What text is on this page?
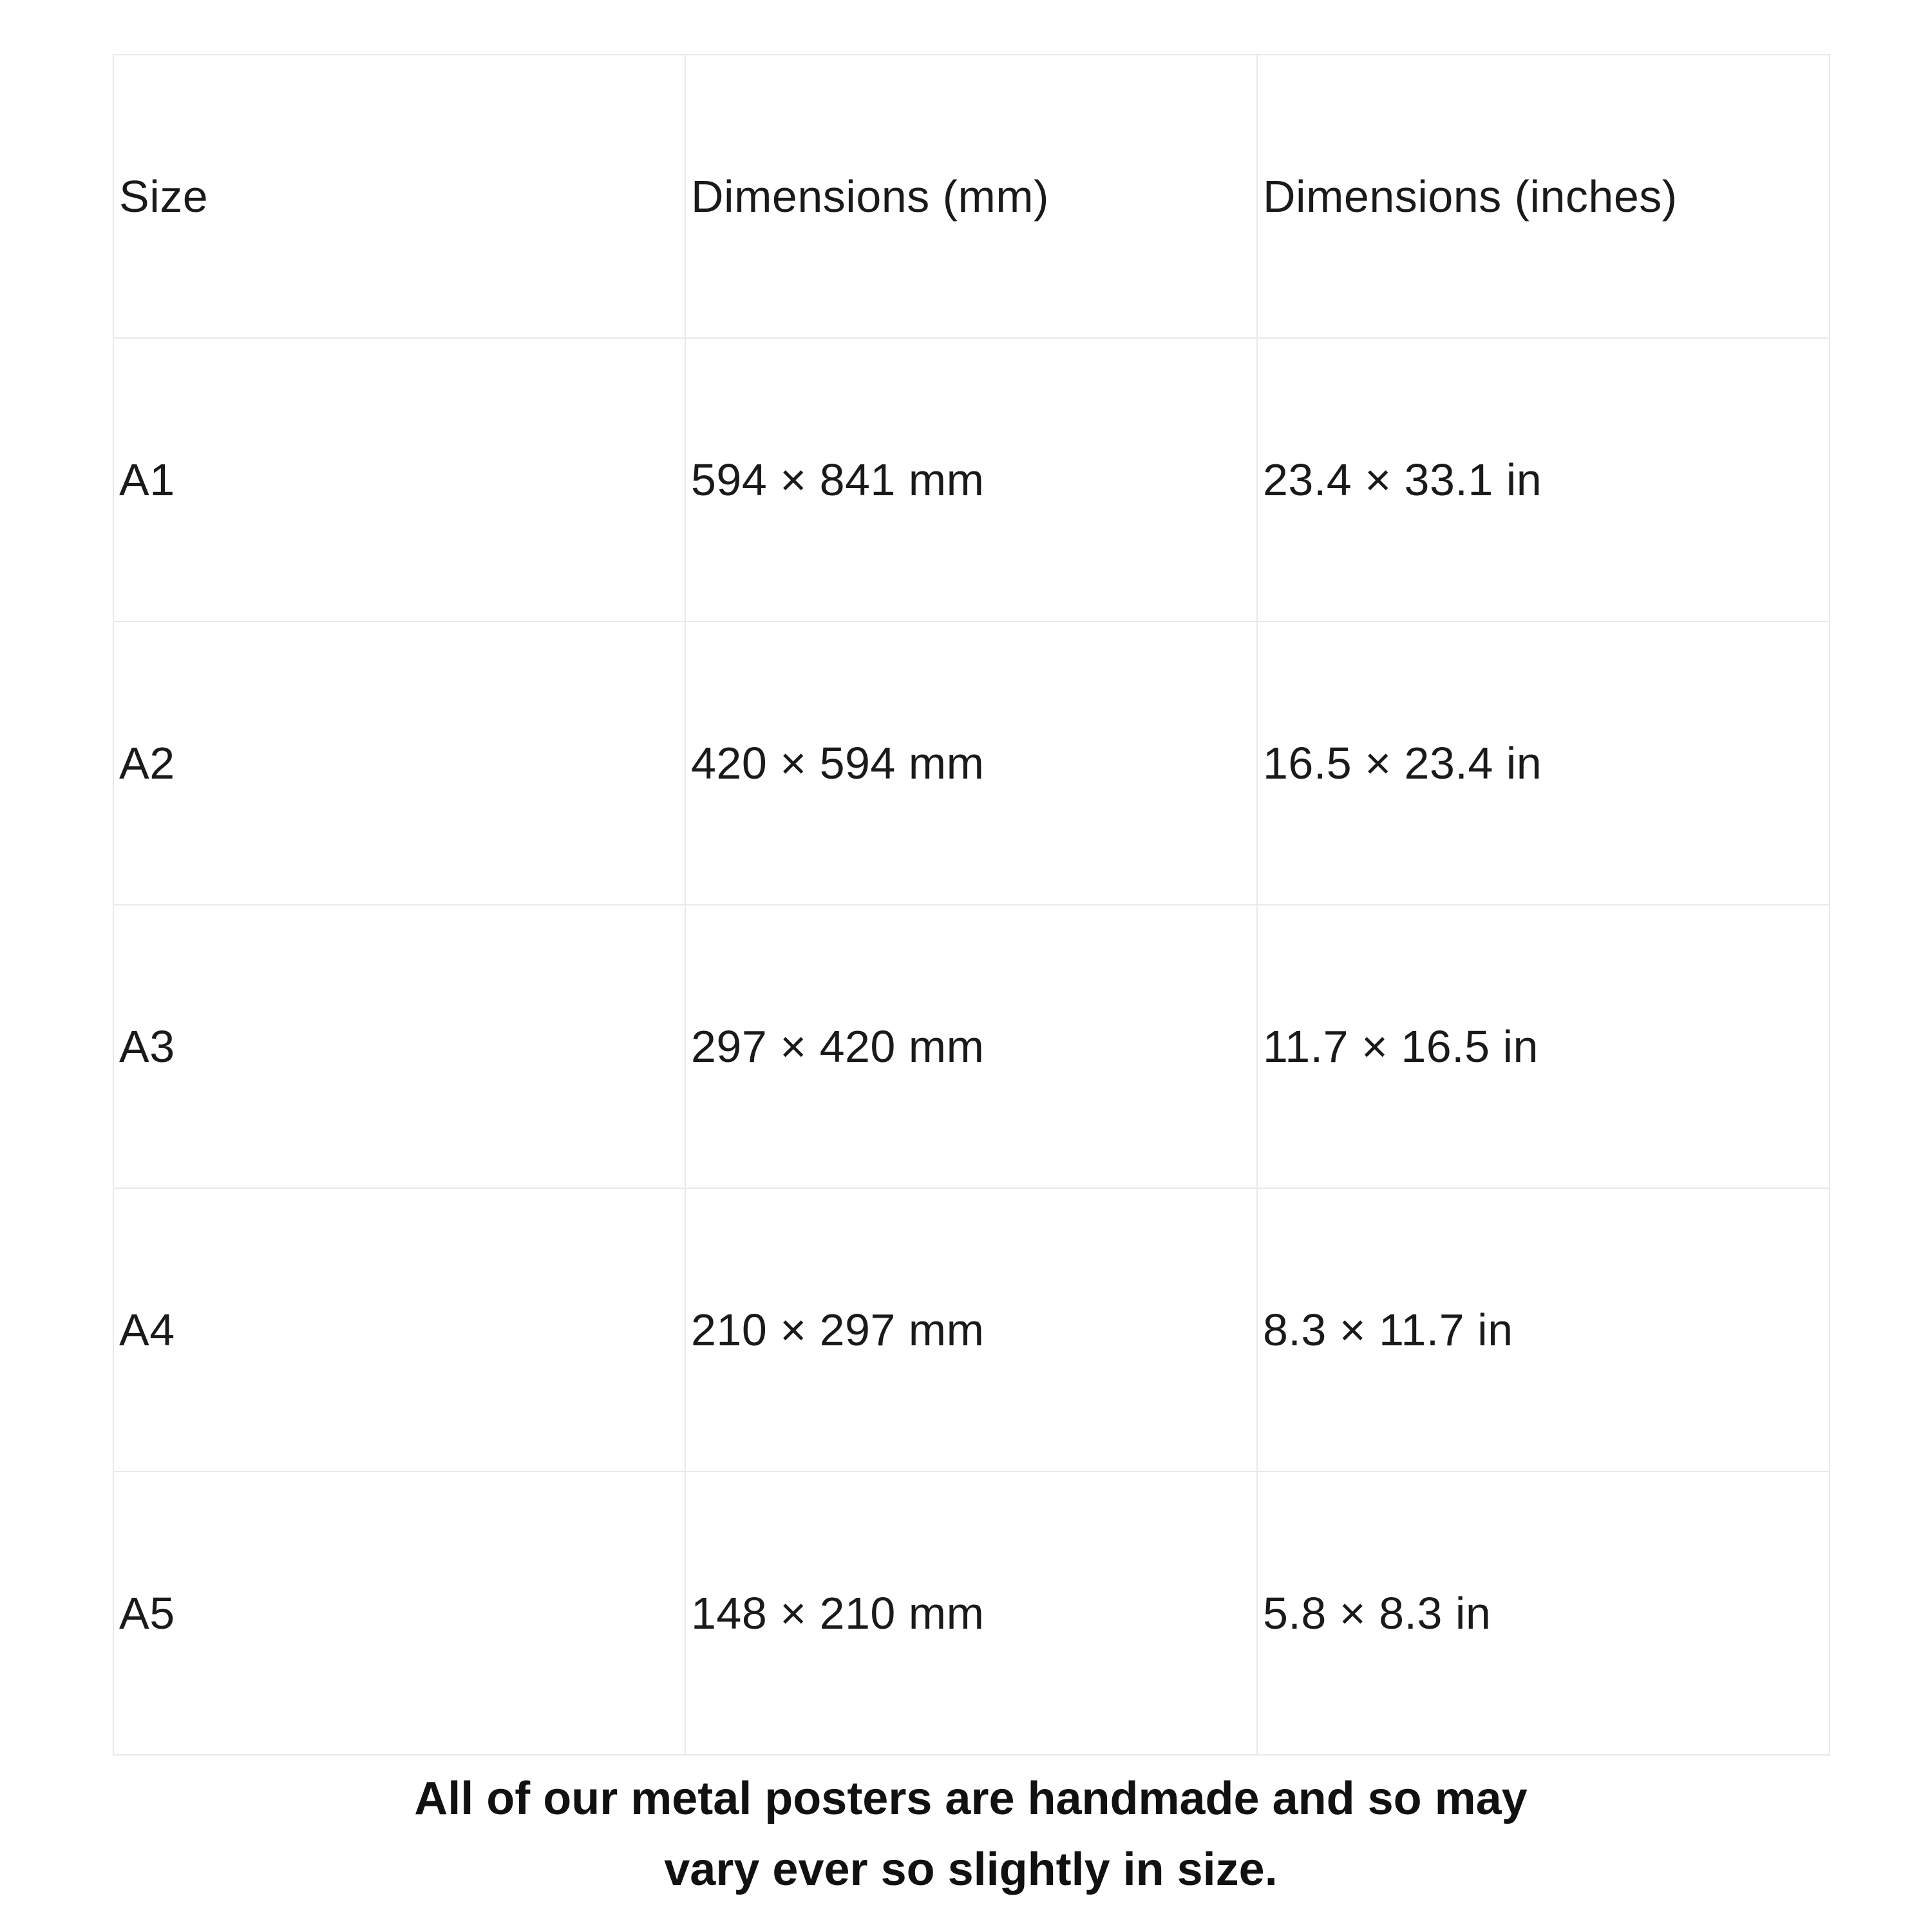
Size	Dimensions (mm)	Dimensions (inches)
A1	594 × 841 mm	23.4 × 33.1 in
A2	420 × 594 mm	16.5 × 23.4 in
A3	297 × 420 mm	11.7 × 16.5 in
A4	210 × 297 mm	8.3 × 11.7 in
A5	148 × 210 mm	5.8 × 8.3 in
All of our metal posters are handmade and so may
vary ever so slightly in size.
